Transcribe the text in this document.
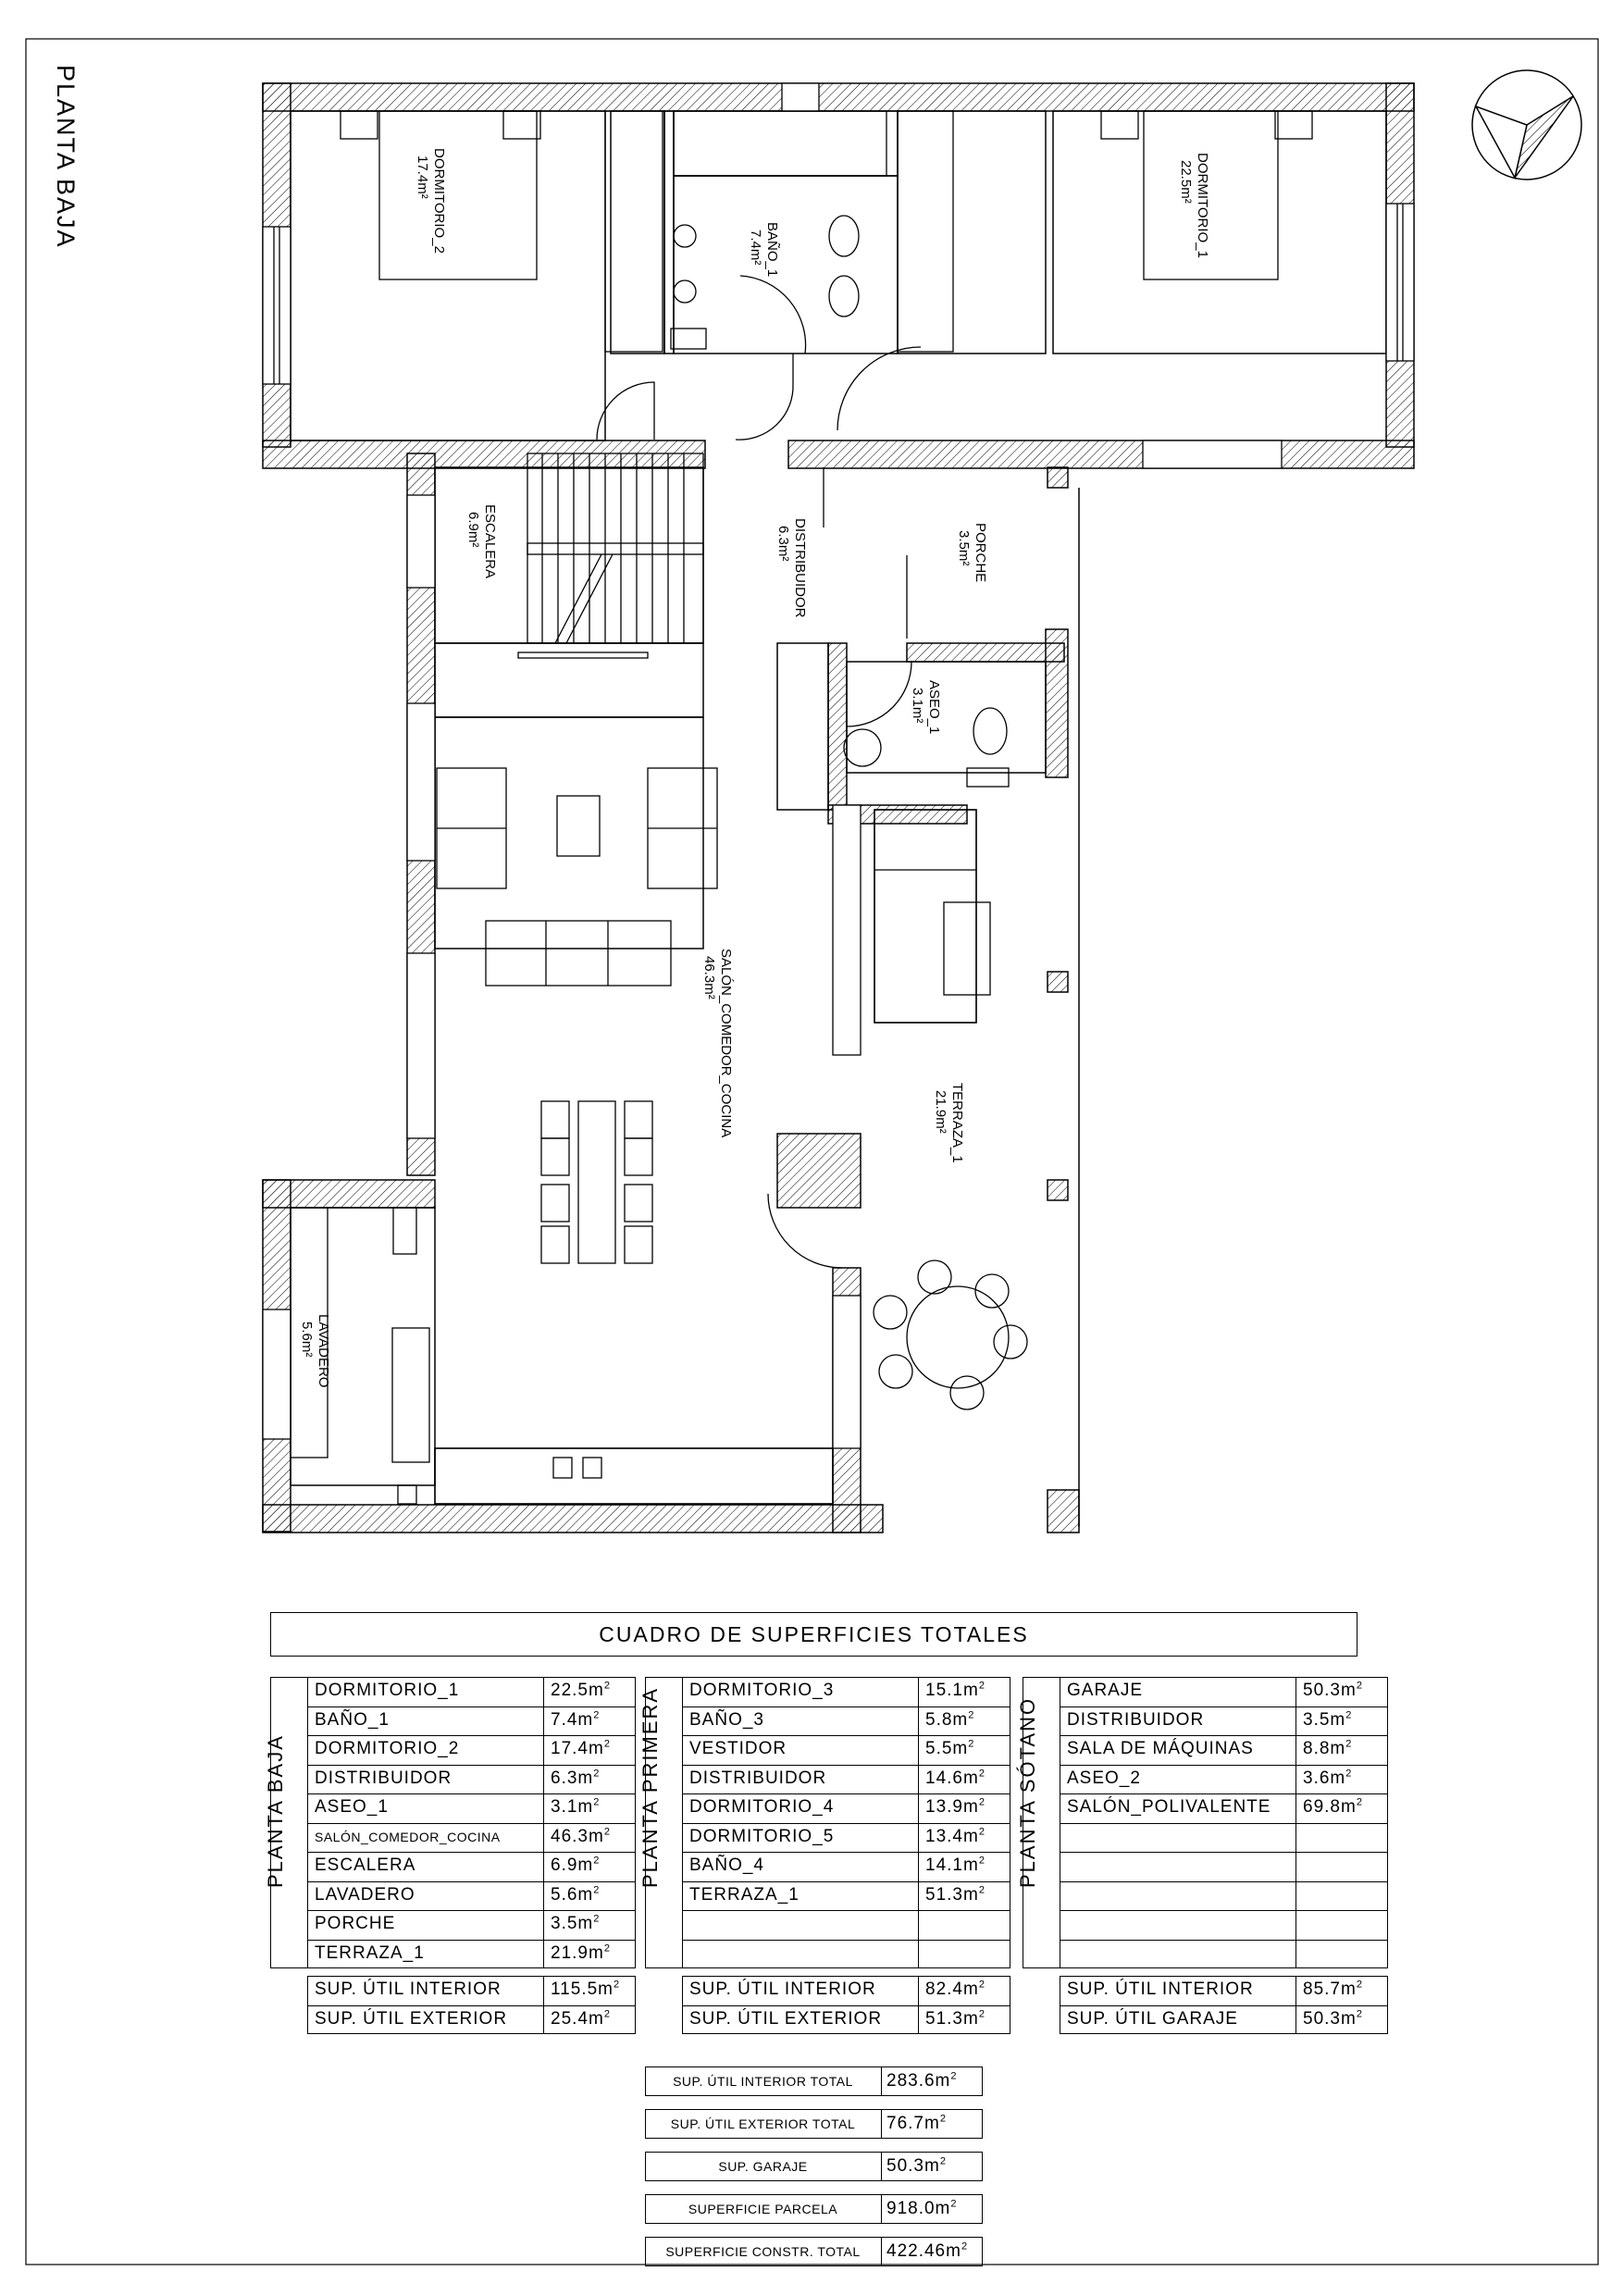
PLANTA BAJA	DORMITORIO_2
17.4m²
BAÑO_1
7.4m²	DORMITORIO_1
22.5m²
ESCALERA
6.9m²	DISTRIBUIDOR
6.3m²	PORCHE
3.5m²
ASEO_1
3.1m²
SALÓN_COMEDOR_COCINA
46.3m²
TERRAZA_1
21.9m²
LAVADERO
5.6m²
CUADRO DE SUPERFICIES TOTALES
PLANTA BAJA
DORMITORIO_1	$22.5m^2$
BAÑO_1	$7.4m^2$
DORMITORIO_2	$17.4m^2$
DISTRIBUIDOR	$6.3m^2$
ASEO_1	$3.1m^2$
SALÓN_COMEDOR_COCINA	$46.3m^2$
ESCALERA	$6.9m^2$
LAVADERO	$5.6m^2$
PORCHE	$3.5m^2$
TERRAZA_1	$21.9m^2$
SUP. ÚTIL INTERIOR	$115.5m^2$
SUP. ÚTIL EXTERIOR $25.4m^2$
PLANTA PRIMERA DORMITORIO_3	$15.1m^2$
BAÑO_3	$5.8m^2$
VESTIDOR	$5.5m^2$
DISTRIBUIDOR	$14.6m^2$
DORMITORIO_4	$13.9m^2$
DORMITORIO_5	$13.4m^2$
BAÑO_4	$14.1m^2$
TERRAZA_1	$51.3m^2$
SUP. ÚTIL INTERIOR	$82.4m^2$
SUP. ÚTIL EXTERIOR $51.3m^2$
PLANTA SÓTANO
GARAJE	$50.3m^2$
DISTRIBUIDOR	$3.5m^2$
SALA DE MÁQUINAS	$8.8m^2$
ASEO_2	$3.6m^2$
SALÓN_POLIVALENTE $69.8m^2$
SUP. ÚTIL INTERIOR	$85.7m^2$
SUP. ÚTIL GARAJE	$50.3m^2$
SUP. ÚTIL INTERIOR TOTAL	$283.6m^2$
SUP. ÚTIL EXTERIOR TOTAL	$76.7m^2$
SUP. GARAJE	$50.3m^2$
SUPERFICIE PARCELA	$918.0m^2$
SUPERFICIE CONSTR. TOTAL	$422.46m^2$
